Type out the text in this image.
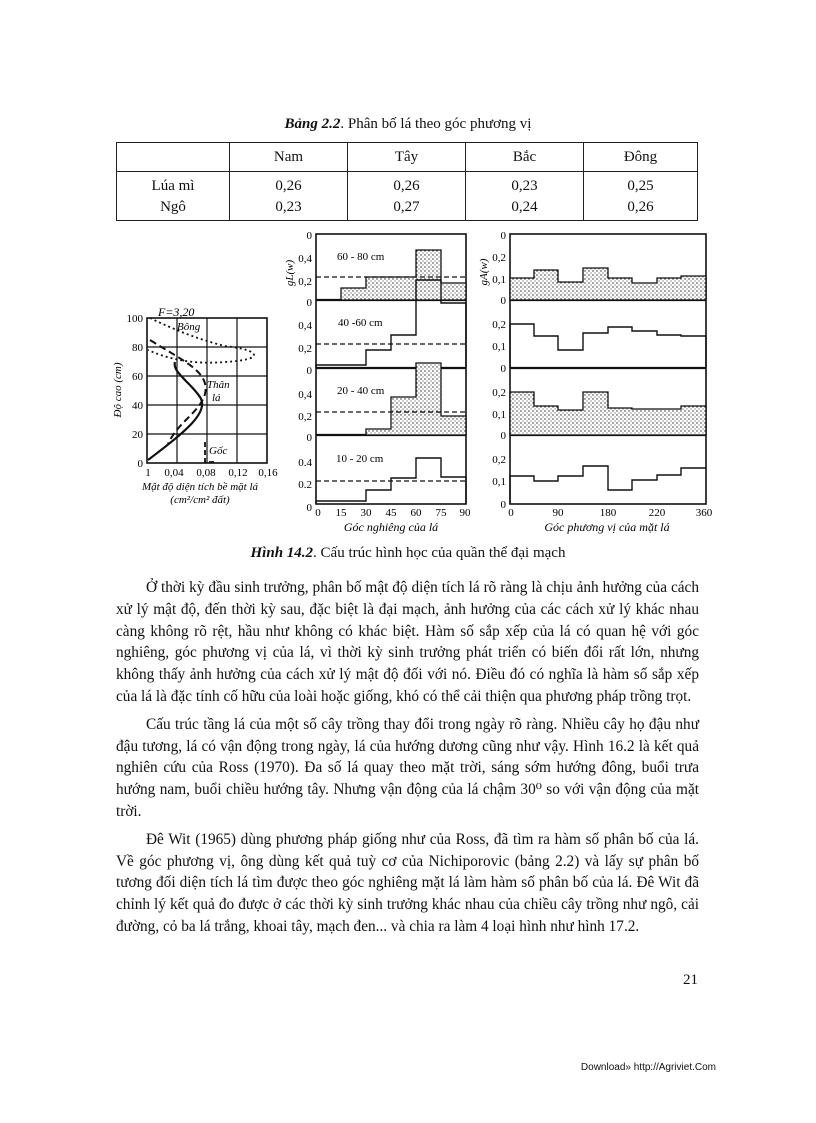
Bảng 2.2. Phân bố lá theo góc phương vị
	Nam	Tây	Bắc	Đông
Lúa mì	0,26	0,26	0,23	0,25
Ngô	0,23	0,27	0,24	0,26
F=3,20
Bông
Thân
lá
Gốc
100
80
60
40
20
0
1 0,04 0,08 0,12 0,16
Mật độ diện tích bề mặt lá
(cm²/cm² đất)
Độ cao (cm)
60 - 80 cm
40 -60 cm
20 - 40 cm
10 - 20 cm
0
0,4
0,2
0
0,4
0,2
0
0,4
0,2
0
0.4
0.2
0
gL(w)
0 15 30 45 60 75 90
Góc nghiêng của lá
0
0,2
0,1
0
0,2
0,1
0
0,2
0,1
0
0,2
0,1
0
gA(w)
0	90	180	220	360
Góc phương vị của mặt lá
Hình 14.2. Cấu trúc hình học của quần thể đại mạch

Ở thời kỳ đầu sinh trưởng, phân bố mật độ diện tích lá rõ ràng là chịu ảnh hưởng của cách xử lý mật độ, đến thời kỳ sau, đặc biệt là đại mạch, ảnh hưởng của các cách xử lý khác nhau càng không rõ rệt, hầu như không có khác biệt. Hàm số sắp xếp của lá có quan hệ với góc nghiêng, góc phương vị của lá, vì thời kỳ sinh trưởng phát triển có biến đổi rất lớn, nhưng không thấy ảnh hưởng của cách xử lý mật độ đối với nó. Điều đó có nghĩa là hàm số sắp xếp của lá là đặc tính cố hữu của loài hoặc giống, khó có thể cải thiện qua phương pháp trồng trọt.

Cấu trúc tầng lá của một số cây trồng thay đổi trong ngày rõ ràng. Nhiều cây họ đậu như đậu tương, lá có vận động trong ngày, lá của hướng dương cũng như vậy. Hình 16.2 là kết quả nghiên cứu của Ross (1970). Đa số lá quay theo mặt trời, sáng sớm hướng đông, buổi trưa hướng nam, buổi chiều hướng tây. Nhưng vận động của lá chậm 30⁰ so với vận động của mặt trời.

Đê Wit (1965) dùng phương pháp giống như của Ross, đã tìm ra hàm số phân bố của lá. Về góc phương vị, ông dùng kết quả tuỳ cơ của Nichiporovic (bảng 2.2) và lấy sự phân bố tương đối diện tích lá tìm được theo góc nghiêng mặt lá làm hàm số phân bố của lá. Đê Wit đã chỉnh lý kết quả đo được ở các thời kỳ sinh trưởng khác nhau của chiều cây trồng như ngô, cải đường, cỏ ba lá trắng, khoai tây, mạch đen... và chia ra làm 4 loại hình như hình 17.2.

21
Download» http://Agriviet.Com
